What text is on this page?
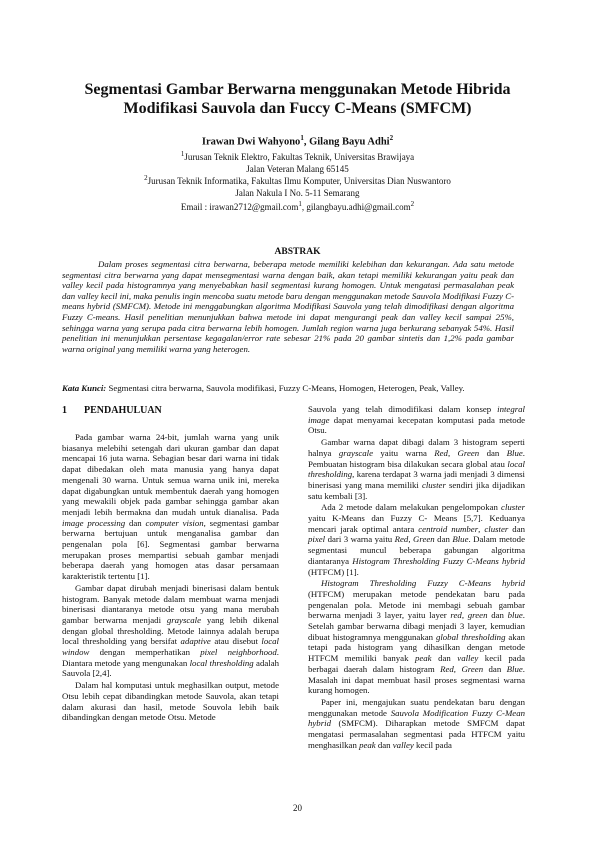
Segmentasi Gambar Berwarna menggunakan Metode Hibrida
Modifikasi Sauvola dan Fuccy C-Means (SMFCM)
Irawan Dwi Wahyono$^1$, Gilang Bayu Adhi$^2$
$^1$Jurusan Teknik Elektro, Fakultas Teknik, Universitas Brawijaya
Jalan Veteran Malang 65145
$^2$Jurusan Teknik Informatika, Fakultas Ilmu Komputer, Universitas Dian Nuswantoro
Jalan Nakula I No. 5-11 Semarang
Email : irawan2712@gmail.com$^1$, gilangbayu.adhi@gmail.com$^2$
ABSTRAK

Dalam proses segmentasi citra berwarna, beberapa metode memiliki kelebihan dan kekurangan. Ada satu metode segmentasi citra berwarna yang dapat mensegmentasi warna dengan baik, akan tetapi memiliki kekurangan yaitu peak dan valley kecil pada histogramnya yang menyebabkan hasil segmentasi kurang homogen. Untuk mengatasi permasalahan peak dan valley kecil ini, maka penulis ingin mencoba suatu metode baru dengan menggunakan metode Sauvola Modifikasi Fuzzy C-means hybrid (SMFCM). Metode ini menggabungkan algoritma Modifikasi Sauvola yang telah dimodifikasi dengan algoritma Fuzzy C-means. Hasil penelitian menunjukkan bahwa metode ini dapat mengurangi peak dan valley kecil sampai 25%, sehingga warna yang serupa pada citra berwarna lebih homogen. Jumlah region warna juga berkurang sebanyak 54%. Hasil penelitian ini menunjukkan persentase kegagalan/error rate sebesar 21% pada 20 gambar sintetis dan 1,2% pada gambar warna original yang memiliki warna yang heterogen.

Kata Kunci: Segmentasi citra berwarna, Sauvola modifikasi, Fuzzy C-Means, Homogen, Heterogen, Peak, Valley.

1 PENDAHULUAN

Pada gambar warna 24-bit, jumlah warna yang unik biasanya melebihi setengah dari ukuran gambar dan dapat mencapai 16 juta warna. Sebagian besar dari warna ini tidak dapat dibedakan oleh mata manusia yang hanya dapat mengenali 30 warna. Untuk semua warna unik ini, mereka dapat digabungkan untuk membentuk daerah yang homogen yang mewakili objek pada gambar sehingga gambar akan menjadi lebih bermakna dan mudah untuk dianalisa. Pada image processing dan computer vision, segmentasi gambar berwarna bertujuan untuk menganalisa gambar dan pengenalan pola [6]. Segmentasi gambar berwarna merupakan proses mempartisi sebuah gambar menjadi beberapa daerah yang homogen atas dasar persamaan karakteristik tertentu [1].

Gambar dapat dirubah menjadi binerisasi dalam bentuk histogram. Banyak metode dalam membuat warna menjadi binerisasi diantaranya metode otsu yang mana merubah gambar berwarna menjadi grayscale yang lebih dikenal dengan global thresholding. Metode lainnya adalah berupa local thresholding yang bersifat adaptive atau disebut local window dengan memperhatikan pixel neighborhood. Diantara metode yang mengunakan local thresholding adalah Sauvola [2,4].

Dalam hal komputasi untuk meghasilkan output, metode Otsu lebih cepat dibandingkan metode Sauvola, akan tetapi dalam akurasi dan hasil, metode Souvola lebih baik dibandingkan dengan metode Otsu. Metode

Sauvola yang telah dimodifikasi dalam konsep integral image dapat menyamai kecepatan komputasi pada metode Otsu.

Gambar warna dapat dibagi dalam 3 histogram seperti halnya grayscale yaitu warna Red, Green dan Blue. Pembuatan histogram bisa dilakukan secara global atau local thresholding, karena terdapat 3 warna jadi menjadi 3 dimensi binerisasi yang mana memiliki cluster sendiri jika dijadikan satu kembali [3].

Ada 2 metode dalam melakukan pengelompokan cluster yaitu K-Means dan Fuzzy C- Means [5,7]. Keduanya mencari jarak optimal antara centroid number, cluster dan pixel dari 3 warna yaitu Red, Green dan Blue. Dalam metode segmentasi muncul beberapa gabungan algoritma diantaranya Histogram Thresholding Fuzzy C-Means hybrid (HTFCM) [1].

Histogram Thresholding Fuzzy C-Means hybrid (HTFCM) merupakan metode pendekatan baru pada pengenalan pola. Metode ini membagi sebuah gambar berwarna menjadi 3 layer, yaitu layer red, green dan blue. Setelah gambar berwarna dibagi menjadi 3 layer, kemudian dibuat histogramnya menggunakan global thresholding akan tetapi pada histogram yang dihasilkan dengan metode HTFCM memiliki banyak peak dan valley kecil pada berbagai daerah dalam histogram Red, Green dan Blue. Masalah ini dapat membuat hasil proses segmentasi warna kurang homogen.

Paper ini, mengajukan suatu pendekatan baru dengan menggunakan metode Sauvola Modification Fuzzy C-Mean hybrid (SMFCM). Diharapkan metode SMFCM dapat mengatasi permasalahan segmentasi pada HTFCM yaitu menghasilkan peak dan valley kecil pada

20
